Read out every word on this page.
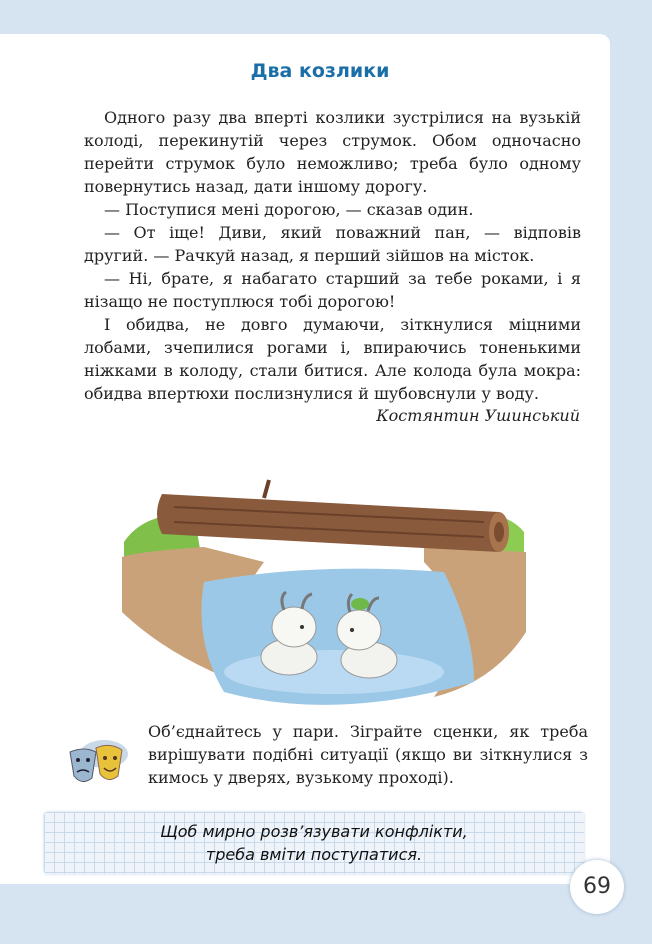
Два козлики

Одного разу два вперті козлики зустрілися на вузькій колоді, перекинутій через струмок. Обом одночасно перейти струмок було неможливо; треба було одному повернутись назад, дати іншому дорогу.

— Поступися мені дорогою, — сказав один.

— От іще! Диви, який поважний пан, — відповів другий. — Рачкуй назад, я перший зійшов на місток.

— Ні, брате, я набагато старший за тебе роками, і я нізащо не поступлюся тобі дорогою!

І обидва, не довго думаючи, зіткнулися міцними лобами, зчепилися рогами і, впираючись тоненькими ніжками в колоду, стали битися. Але колода була мокра: обидва впертюхи послизнулися й шубовснули у воду.

Костянтин Ушинський

Об’єднайтесь у пари. Зіграйте сценки, як треба вирішувати подібні ситуації (якщо ви зіткнулися з кимось у дверях, вузькому проході).

Щоб мирно розв’язувати конфлікти,
треба вміти поступатися.
69
